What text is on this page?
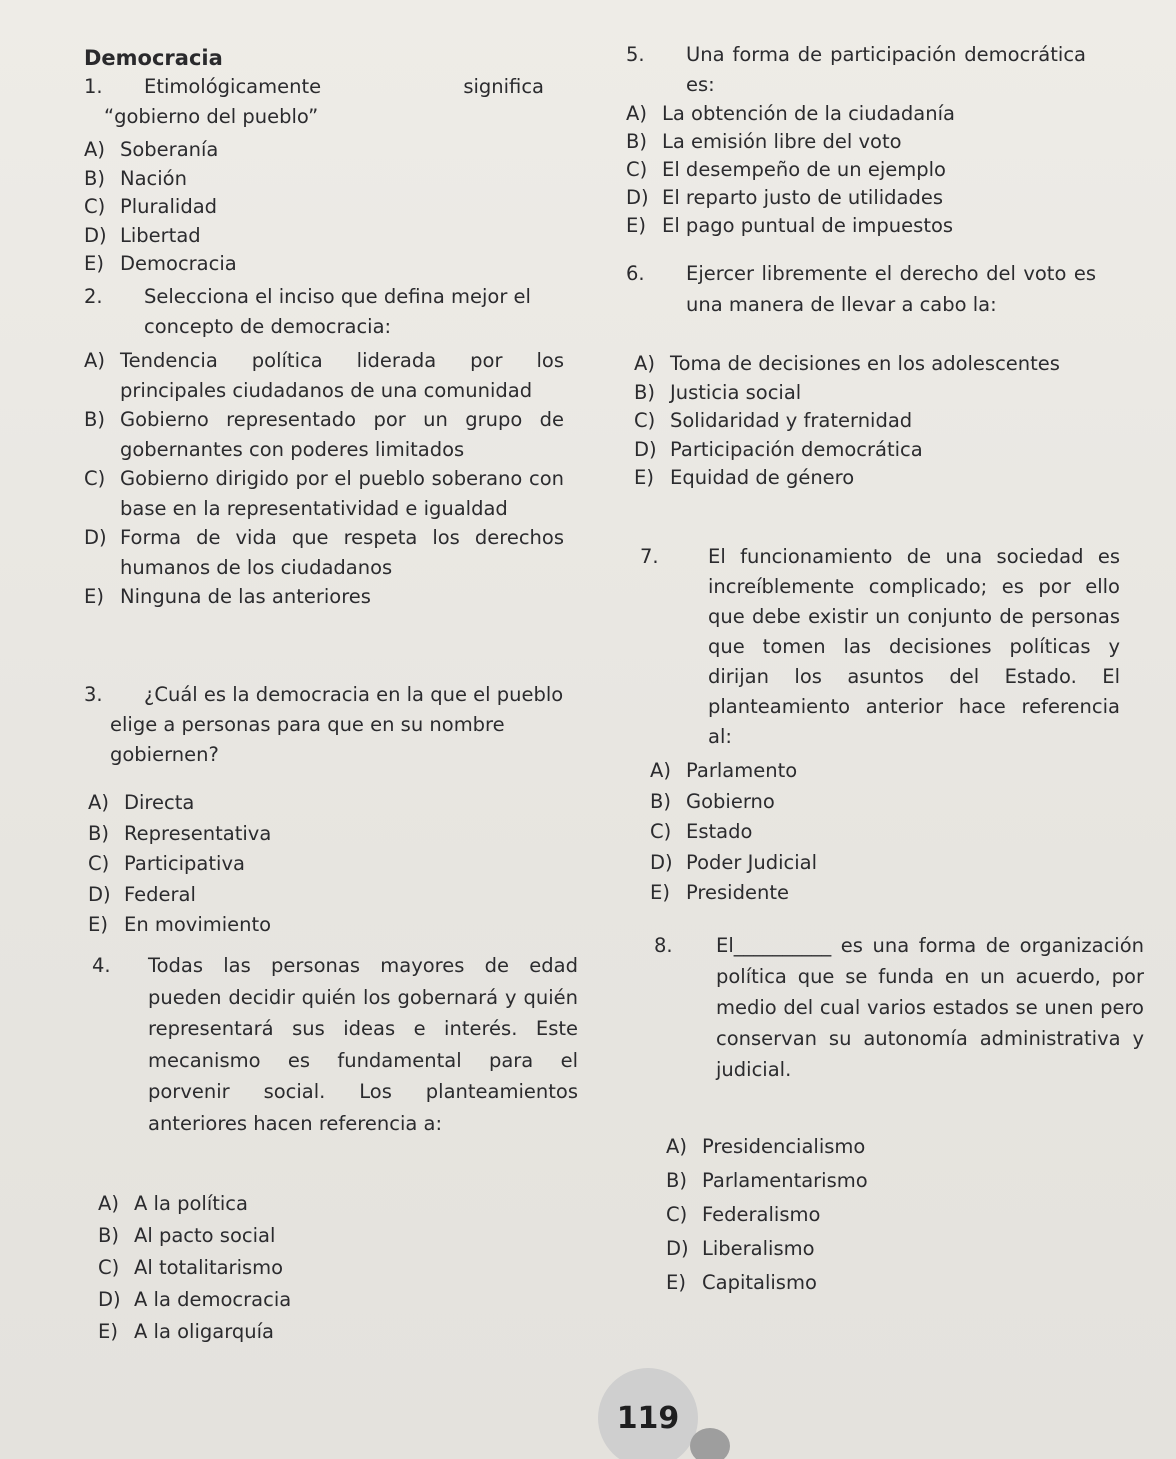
Democracia
1.	Etimológicamente	significa
“gobierno del pueblo”
A) Soberanía
B) Nación
C) Pluralidad
D) Libertad
E) Democracia
2.	Selecciona el inciso que defina mejor el concepto de democracia:
A) Tendencia política liderada por los principales ciudadanos de una comunidad
B) Gobierno representado por un grupo de gobernantes con poderes limitados
C) Gobierno dirigido por el pueblo soberano con base en la representatividad e igualdad
D) Forma de vida que respeta los derechos humanos de los ciudadanos
E) Ninguna de las anteriores
3.	¿Cuál es la democracia en la que el pueblo elige a personas para que en su nombre gobiernen?
A) Directa
B) Representativa
C) Participativa
D) Federal
E) En movimiento
4.	Todas las personas mayores de edad pueden decidir quién los gobernará y quién representará sus ideas e interés. Este mecanismo es fundamental para el porvenir social. Los planteamientos anteriores hacen referencia a:
A) A la política
B) Al pacto social
C) Al totalitarismo
D) A la democracia
E) A la oligarquía
5.	Una forma de participación democrática es:
A) La obtención de la ciudadanía
B) La emisión libre del voto
C) El desempeño de un ejemplo
D) El reparto justo de utilidades
E) El pago puntual de impuestos
6.	Ejercer libremente el derecho del voto es una manera de llevar a cabo la:
A) Toma de decisiones en los adolescentes
B) Justicia social
C) Solidaridad y fraternidad
D) Participación democrática
E) Equidad de género
7.	El funcionamiento de una sociedad es increíblemente complicado; es por ello que debe existir un conjunto de personas que tomen las decisiones políticas y dirijan los asuntos del Estado. El planteamiento anterior hace referencia al:
A) Parlamento
B) Gobierno
C) Estado
D) Poder Judicial
E) Presidente
8.	El__________ es una forma de organización política que se funda en un acuerdo, por medio del cual varios estados se unen pero conservan su autonomía administrativa y judicial.
A) Presidencialismo
B) Parlamentarismo
C) Federalismo
D) Liberalismo
E) Capitalismo
119
